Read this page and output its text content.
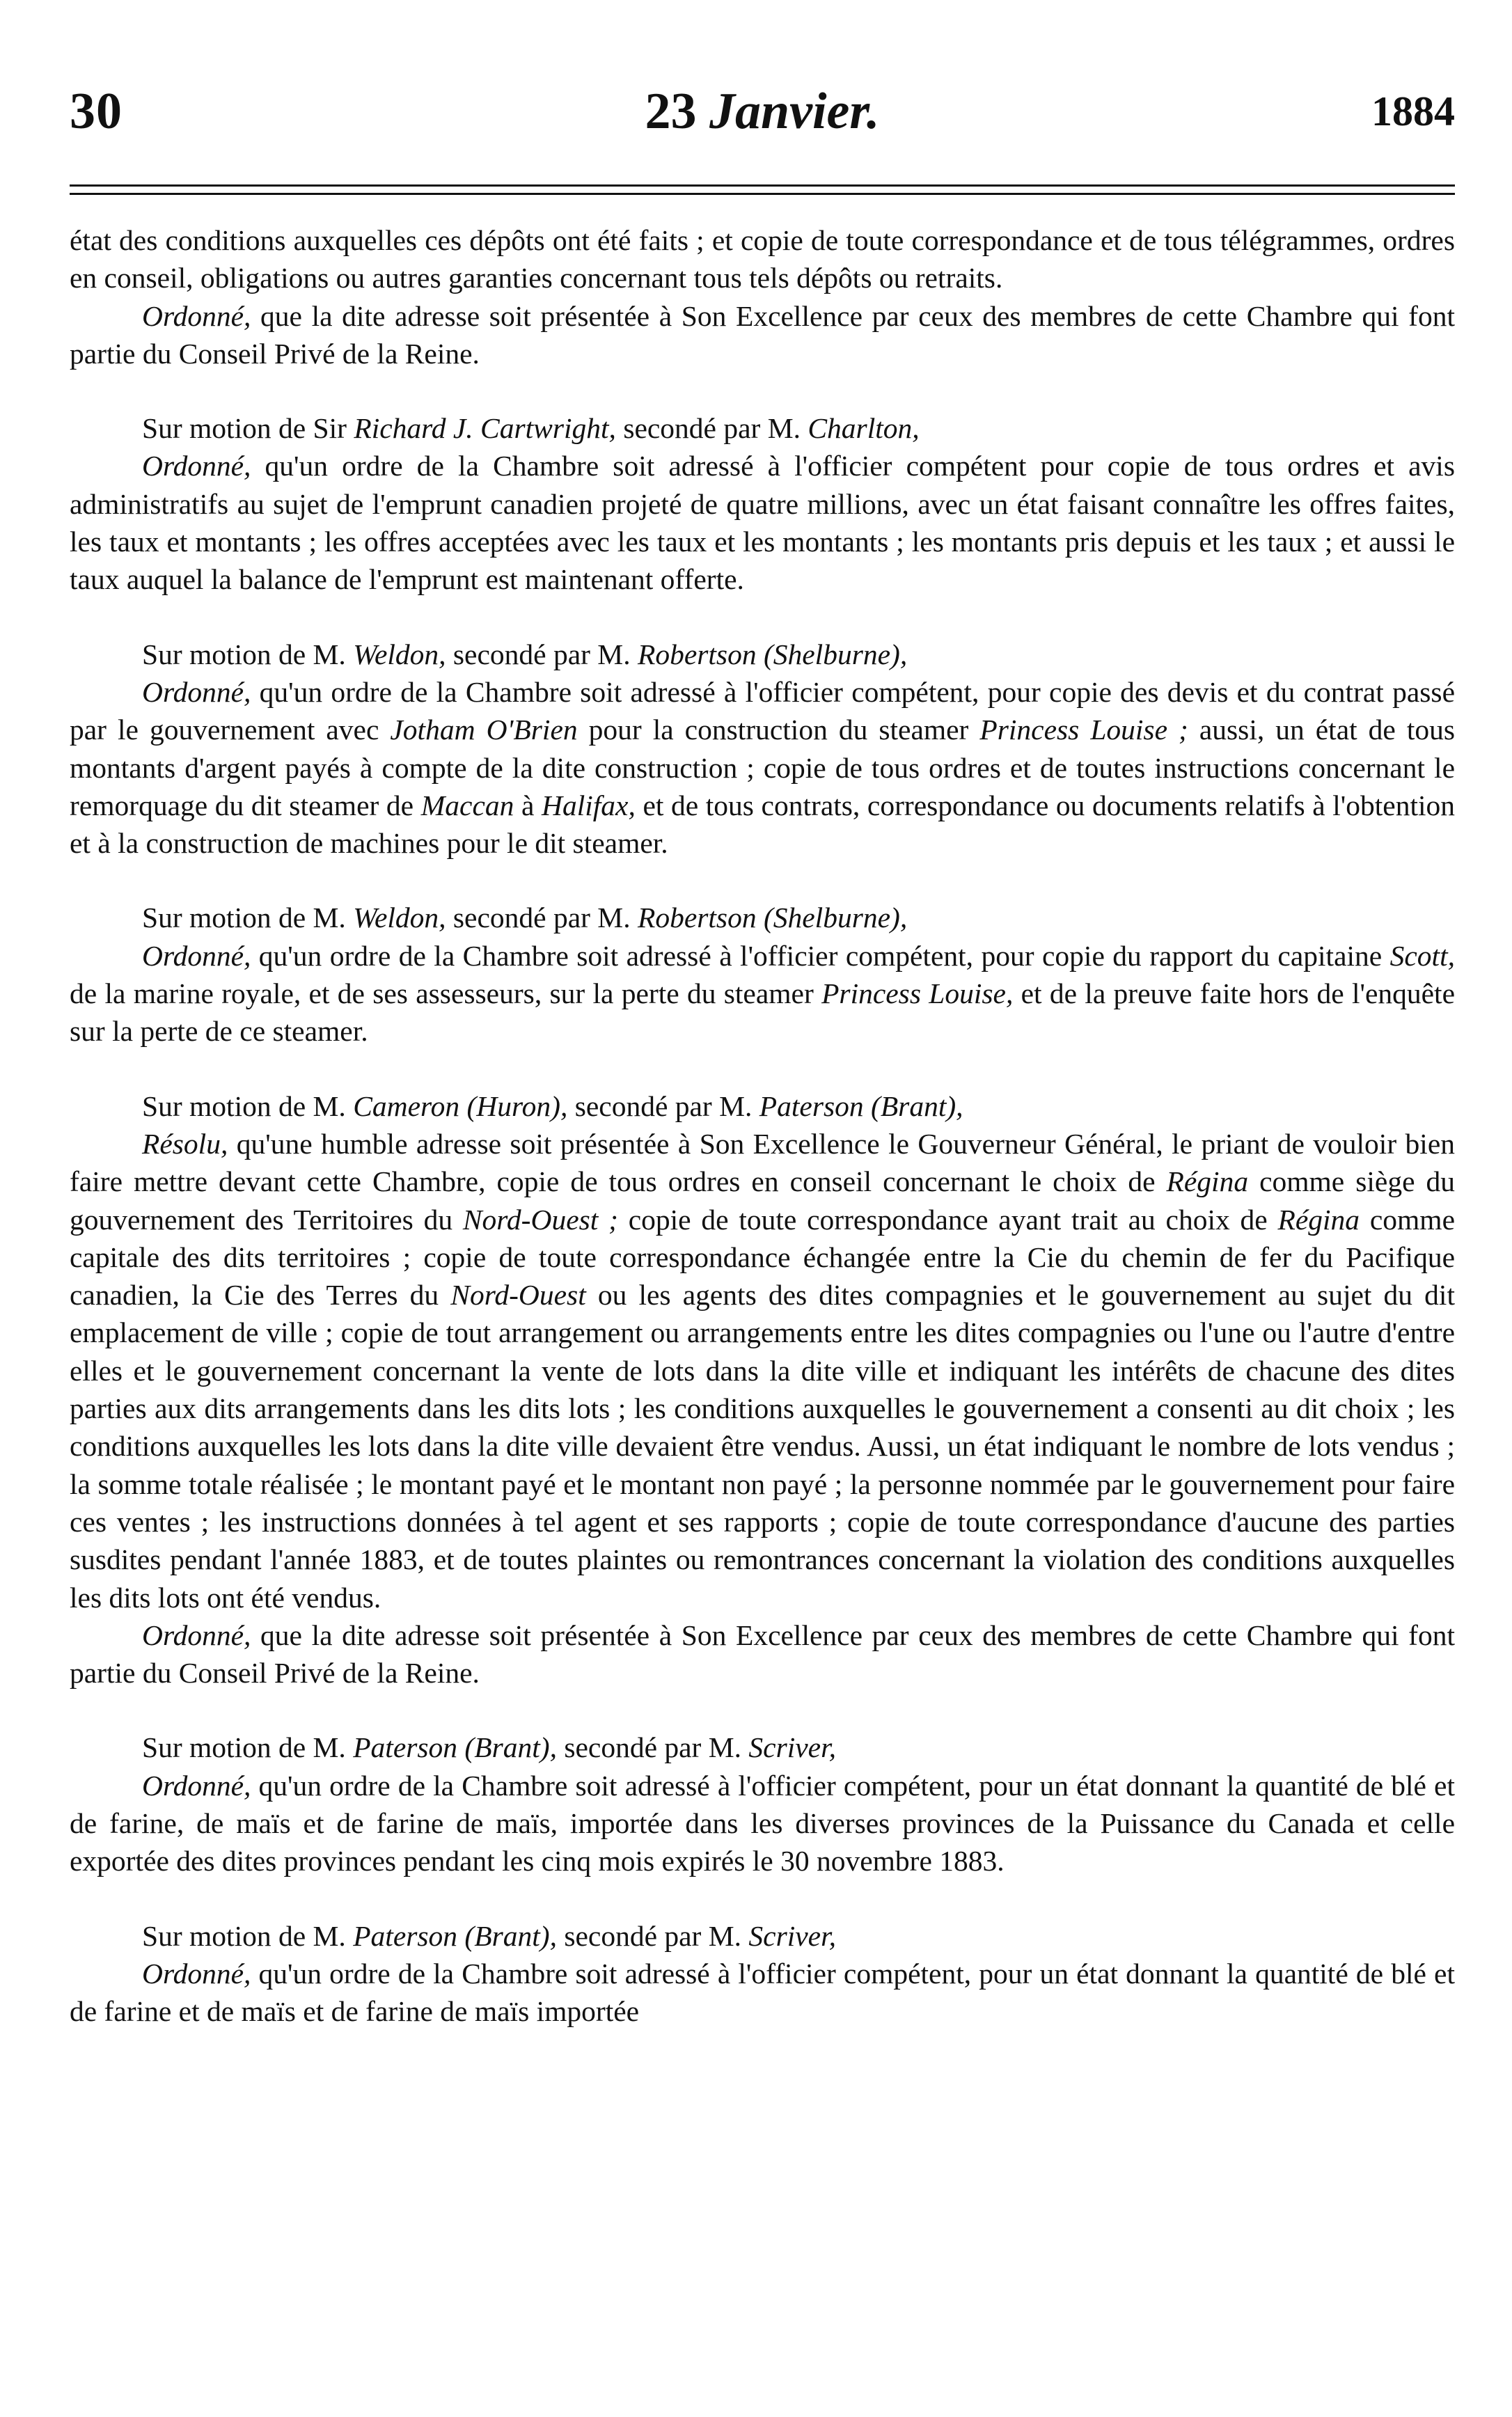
30	23 Janvier.	1884

état des conditions auxquelles ces dépôts ont été faits ; et copie de toute correspondance et de tous télégrammes, ordres en conseil, obligations ou autres garanties concernant tous tels dépôts ou retraits.

Ordonné, que la dite adresse soit présentée à Son Excellence par ceux des membres de cette Chambre qui font partie du Conseil Privé de la Reine.

Sur motion de Sir Richard J. Cartwright, secondé par M. Charlton,

Ordonné, qu'un ordre de la Chambre soit adressé à l'officier compétent pour copie de tous ordres et avis administratifs au sujet de l'emprunt canadien projeté de quatre millions, avec un état faisant connaître les offres faites, les taux et montants ; les offres acceptées avec les taux et les montants ; les montants pris depuis et les taux ; et aussi le taux auquel la balance de l'emprunt est maintenant offerte.

Sur motion de M. Weldon, secondé par M. Robertson (Shelburne),

Ordonné, qu'un ordre de la Chambre soit adressé à l'officier compétent, pour copie des devis et du contrat passé par le gouvernement avec Jotham O'Brien pour la construction du steamer Princess Louise ; aussi, un état de tous montants d'argent payés à compte de la dite construction ; copie de tous ordres et de toutes instructions concernant le remorquage du dit steamer de Maccan à Halifax, et de tous contrats, correspondance ou documents relatifs à l'obtention et à la construction de machines pour le dit steamer.

Sur motion de M. Weldon, secondé par M. Robertson (Shelburne),

Ordonné, qu'un ordre de la Chambre soit adressé à l'officier compétent, pour copie du rapport du capitaine Scott, de la marine royale, et de ses assesseurs, sur la perte du steamer Princess Louise, et de la preuve faite hors de l'enquête sur la perte de ce steamer.

Sur motion de M. Cameron (Huron), secondé par M. Paterson (Brant),

Résolu, qu'une humble adresse soit présentée à Son Excellence le Gouverneur Général, le priant de vouloir bien faire mettre devant cette Chambre, copie de tous ordres en conseil concernant le choix de Régina comme siège du gouvernement des Territoires du Nord-Ouest ; copie de toute correspondance ayant trait au choix de Régina comme capitale des dits territoires ; copie de toute correspondance échangée entre la Cie du chemin de fer du Pacifique canadien, la Cie des Terres du Nord-Ouest ou les agents des dites compagnies et le gouvernement au sujet du dit emplacement de ville ; copie de tout arrangement ou arrangements entre les dites compagnies ou l'une ou l'autre d'entre elles et le gouvernement concernant la vente de lots dans la dite ville et indiquant les intérêts de chacune des dites parties aux dits arrangements dans les dits lots ; les conditions auxquelles le gouvernement a consenti au dit choix ; les conditions auxquelles les lots dans la dite ville devaient être vendus. Aussi, un état indiquant le nombre de lots vendus ; la somme totale réalisée ; le montant payé et le montant non payé ; la personne nommée par le gouvernement pour faire ces ventes ; les instructions données à tel agent et ses rapports ; copie de toute correspondance d'aucune des parties susdites pendant l'année 1883, et de toutes plaintes ou remontrances concernant la violation des conditions auxquelles les dits lots ont été vendus.

Ordonné, que la dite adresse soit présentée à Son Excellence par ceux des membres de cette Chambre qui font partie du Conseil Privé de la Reine.

Sur motion de M. Paterson (Brant), secondé par M. Scriver,

Ordonné, qu'un ordre de la Chambre soit adressé à l'officier compétent, pour un état donnant la quantité de blé et de farine, de maïs et de farine de maïs, importée dans les diverses provinces de la Puissance du Canada et celle exportée des dites provinces pendant les cinq mois expirés le 30 novembre 1883.

Sur motion de M. Paterson (Brant), secondé par M. Scriver,

Ordonné, qu'un ordre de la Chambre soit adressé à l'officier compétent, pour un état donnant la quantité de blé et de farine et de maïs et de farine de maïs importée
